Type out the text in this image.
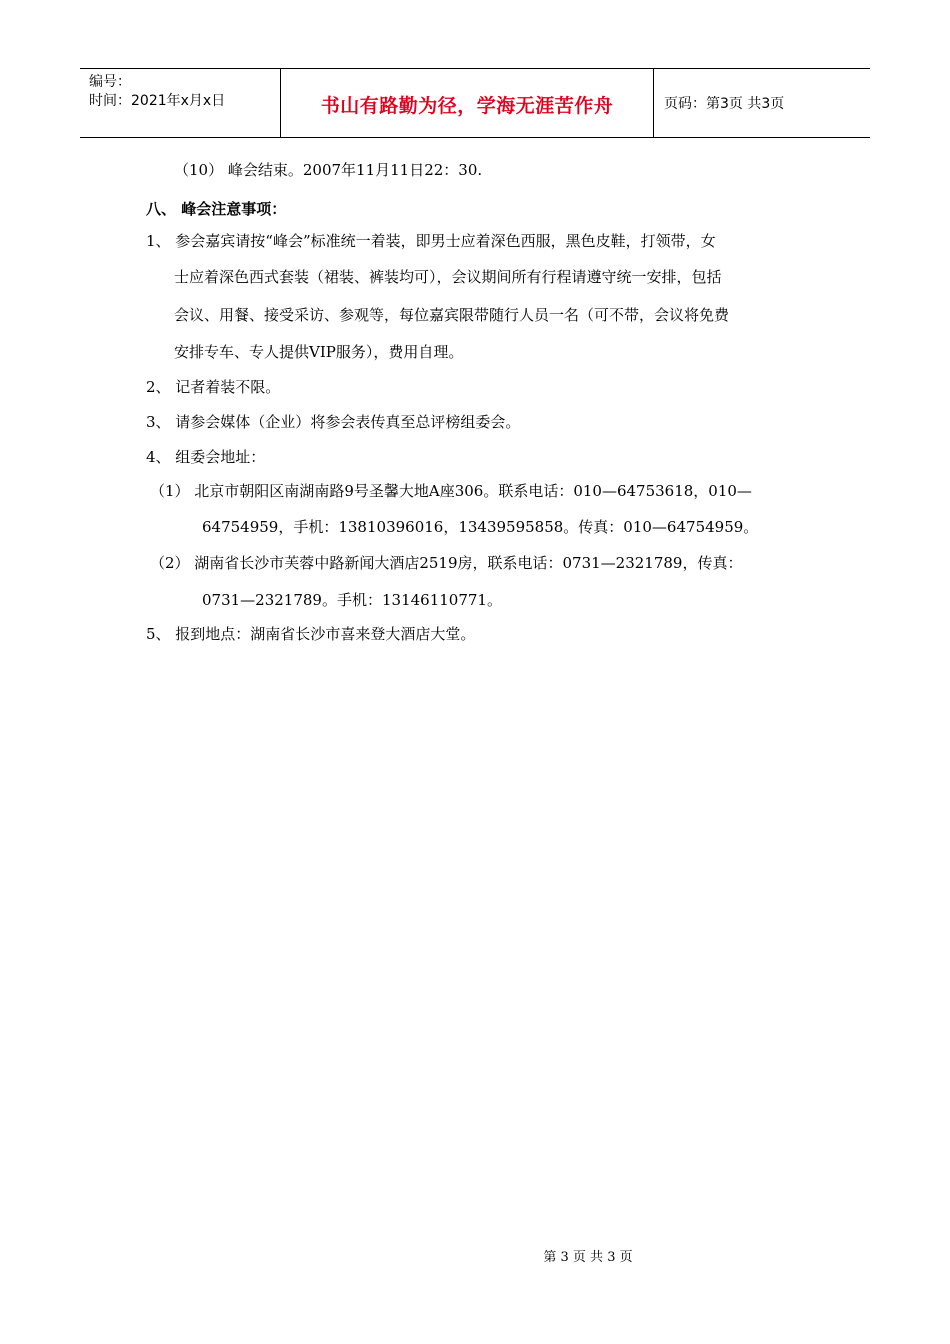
编号：
时间：2021年x月x日	书山有路勤为径，学海无涯苦作舟	页码：第3页 共3页
（10） 峰会结束。2007年11月11日22：30.
八、 峰会注意事项：
1、 参会嘉宾请按“峰会”标准统一着装，即男士应着深色西服，黑色皮鞋，打领带，女
士应着深色西式套装（裙装、裤装均可），会议期间所有行程请遵守统一安排，包括
会议、用餐、接受采访、参观等，每位嘉宾限带随行人员一名（可不带，会议将免费
安排专车、专人提供VIP服务），费用自理。
2、 记者着装不限。
3、 请参会媒体（企业）将参会表传真至总评榜组委会。
4、 组委会地址：
（1） 北京市朝阳区南湖南路9号圣馨大地A座306。联系电话：010—64753618，010—
64754959，手机：13810396016，13439595858。传真：010—64754959。
（2） 湖南省长沙市芙蓉中路新闻大酒店2519房，联系电话：0731—2321789，传真：
0731—2321789。手机：13146110771。
5、 报到地点：湖南省长沙市喜来登大酒店大堂。
第 3 页 共 3 页
